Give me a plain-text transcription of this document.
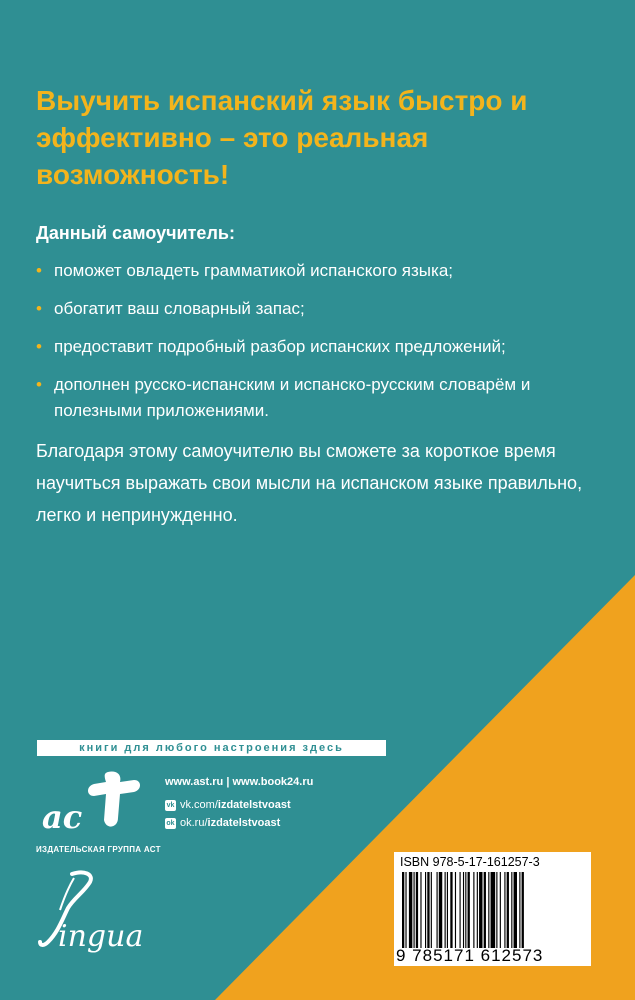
Выучить испанский язык быстро и эффективно – это реальная возможность!
Данный самоучитель:
• поможет овладеть грамматикой испанского языка;
• обогатит ваш словарный запас;
• предоставит подробный разбор испанских предложений;
• дополнен русско-испанским и испанско-русским словарём и полезными приложениями.
Благодаря этому самоучителю вы сможете за короткое время научиться выражать свои мысли на испанском языке правильно, легко и непринужденно.
книги для любого настроения здесь
ac
ИЗДАТЕЛЬСКАЯ ГРУППА АСТ
www.ast.ru | www.book24.ru
vk vk.com/ izdatelstvoast
ok ok.ru/ izdatelstvoast
ingua
ISBN 978-5-17-161257-3
9 785171 612573
